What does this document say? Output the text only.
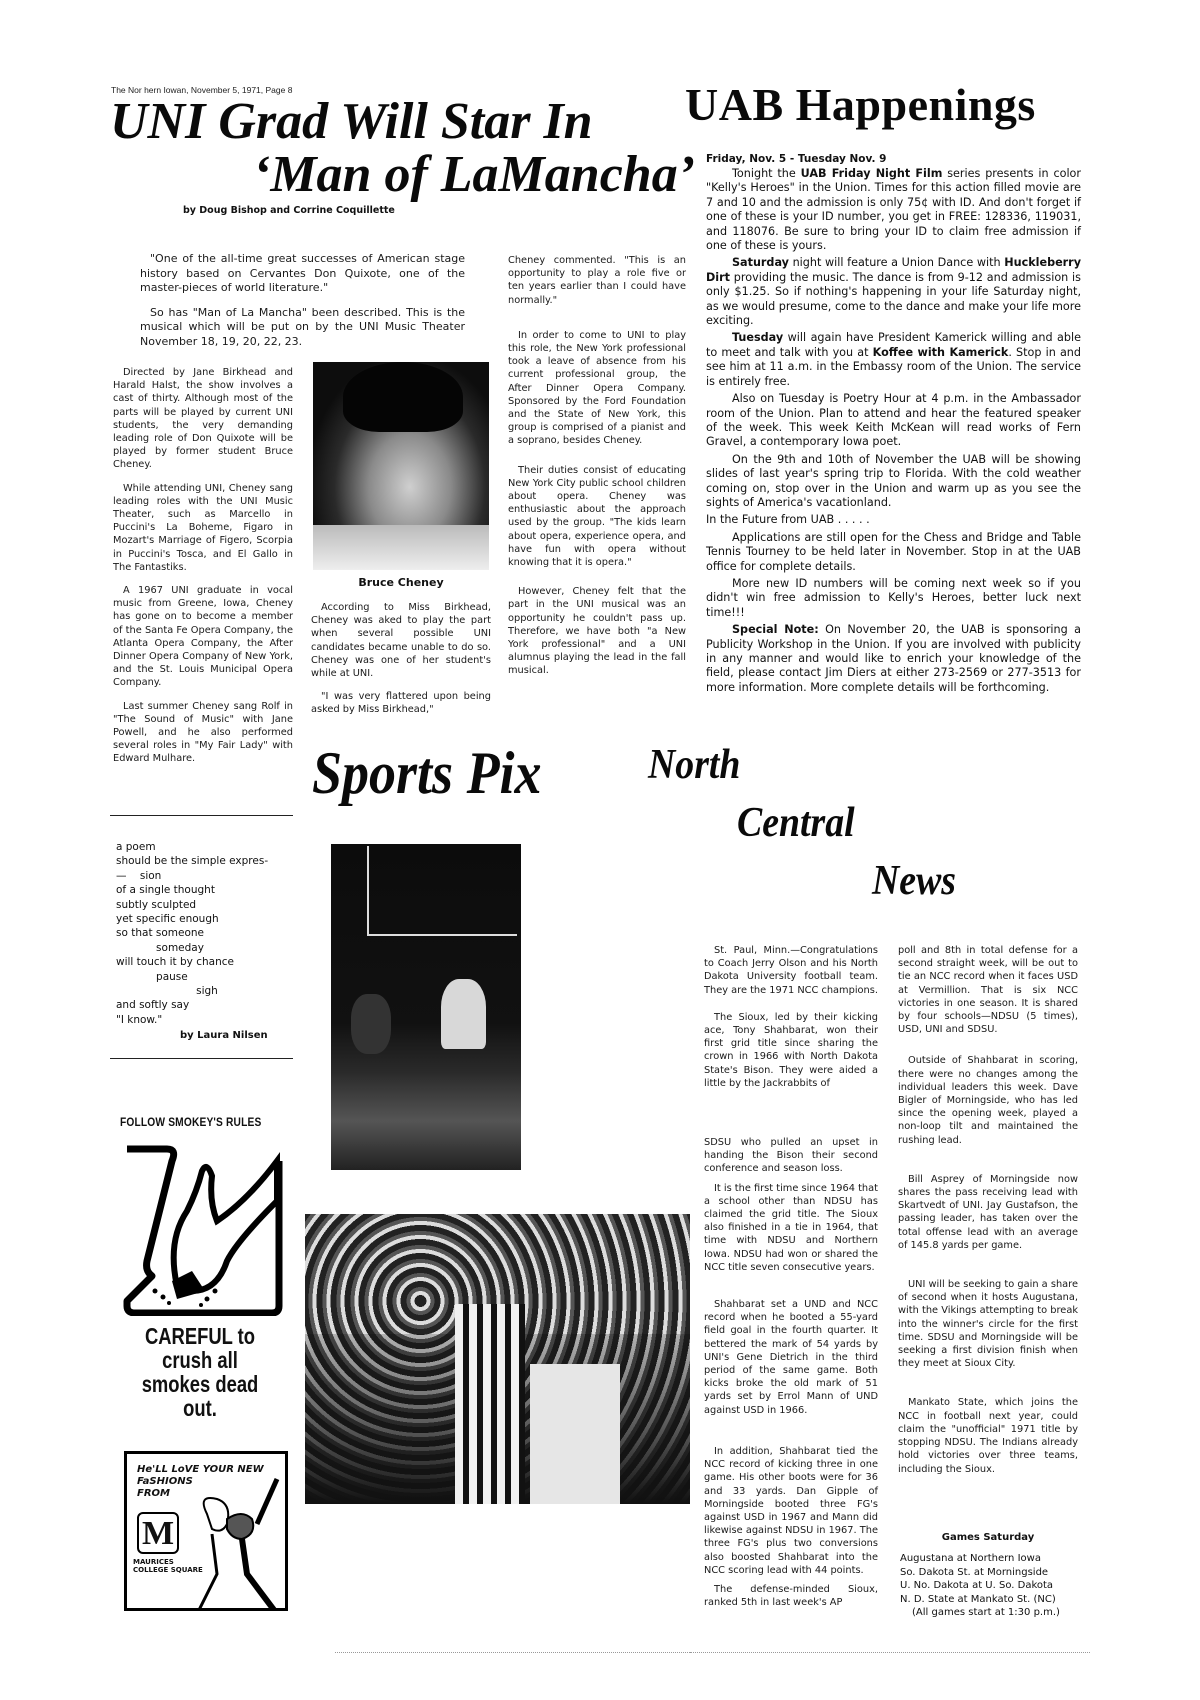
The Nor hern Iowan, November 5, 1971, Page 8
UNI Grad Will Star In
‘Man of LaMancha’
by Doug Bishop and Corrine Coquillette

"One of the all-time great successes of American stage history based on Cervantes Don Quixote, one of the master-pieces of world literature."

So has "Man of La Mancha" been described. This is the musical which will be put on by the UNI Music Theater November 18, 19, 20, 22, 23.

Directed by Jane Birkhead and Harald Halst, the show involves a cast of thirty. Although most of the parts will be played by current UNI students, the very demanding leading role of Don Quixote will be played by former student Bruce Cheney.

While attending UNI, Cheney sang leading roles with the UNI Music Theater, such as Marcello in Puccini's La Boheme, Figaro in Mozart's Marriage of Figero, Scorpia in Puccini's Tosca, and El Gallo in The Fantastiks.

A 1967 UNI graduate in vocal music from Greene, Iowa, Cheney has gone on to become a member of the Santa Fe Opera Company, the Atlanta Opera Company, the After Dinner Opera Company of New York, and the St. Louis Municipal Opera Company.

Last summer Cheney sang Rolf in "The Sound of Music" with Jane Powell, and he also performed several roles in "My Fair Lady" with Edward Mulhare.

Bruce Cheney

According to Miss Birkhead, Cheney was aked to play the part when several possible UNI candidates became unable to do so. Cheney was one of her student's while at UNI.

"I was very flattered upon being asked by Miss Birkhead,"

Cheney commented. "This is an opportunity to play a role five or ten years earlier than I could have normally."

In order to come to UNI to play this role, the New York professional took a leave of absence from his current professional group, the After Dinner Opera Company. Sponsored by the Ford Foundation and the State of New York, this group is comprised of a pianist and a soprano, besides Cheney.

Their duties consist of educating New York City public school children about opera. Cheney was enthusiastic about the approach used by the group. "The kids learn about opera, experience opera, and have fun with opera without knowing that it is opera."

However, Cheney felt that the part in the UNI musical was an opportunity he couldn't pass up. Therefore, we have both "a New York professional" and a UNI alumnus playing the lead in the fall musical.

UAB Happenings
Friday, Nov. 5 - Tuesday Nov. 9

Tonight the UAB Friday Night Film series presents in color "Kelly's Heroes" in the Union. Times for this action filled movie are 7 and 10 and the admission is only 75¢ with ID. And don't forget if one of these is your ID number, you get in FREE: 128336, 119031, and 118076. Be sure to bring your ID to claim free admission if one of these is yours.

Saturday night will feature a Union Dance with Huckleberry Dirt providing the music. The dance is from 9-12 and admission is only $1.25. So if nothing's happening in your life Saturday night, as we would presume, come to the dance and make your life more exciting.

Tuesday will again have President Kamerick willing and able to meet and talk with you at Koffee with Kamerick. Stop in and see him at 11 a.m. in the Embassy room of the Union. The service is entirely free.

Also on Tuesday is Poetry Hour at 4 p.m. in the Ambassador room of the Union. Plan to attend and hear the featured speaker of the week. This week Keith McKean will read works of Fern Gravel, a contemporary Iowa poet.

On the 9th and 10th of November the UAB will be showing slides of last year's spring trip to Florida. With the cold weather coming on, stop over in the Union and warm up as you see the sights of America's vacationland.

In the Future from UAB . . . . .

Applications are still open for the Chess and Bridge and Table Tennis Tourney to be held later in November. Stop in at the UAB office for complete details.

More new ID numbers will be coming next week so if you didn't win free admission to Kelly's Heroes, better luck next time!!!

Special Note: On November 20, the UAB is sponsoring a Publicity Workshop in the Union. If you are involved with publicity in any manner and would like to enrich your knowledge of the field, please contact Jim Diers at either 273-2569 or 277-3513 for more information. More complete details will be forthcoming.

Sports Pix
a poem
should be the simple expres-
—    sion
of a single thought
subtly sculpted
yet specific enough
so that someone
someday
will touch it by chance
pause
sigh
and softly say
"I know."
by Laura Nilsen
FOLLOW SMOKEY'S RULES
CAREFUL to
crush all
smokes dead out.
He'LL LoVE YOUR NEW
FaSHIONS
FROM
M
MAURICES
COLLEGE SQUARE
North
Central
News

St. Paul, Minn.—Congratulations to Coach Jerry Olson and his North Dakota University football team. They are the 1971 NCC champions.

The Sioux, led by their kicking ace, Tony Shahbarat, won their first grid title since sharing the crown in 1966 with North Dakota State's Bison. They were aided a little by the Jackrabbits of

SDSU who pulled an upset in handing the Bison their second conference and season loss.

It is the first time since 1964 that a school other than NDSU has claimed the grid title. The Sioux also finished in a tie in 1964, that time with NDSU and Northern Iowa. NDSU had won or shared the NCC title seven consecutive years.

Shahbarat set a UND and NCC record when he booted a 55-yard field goal in the fourth quarter. It bettered the mark of 54 yards by UNI's Gene Dietrich in the third period of the same game. Both kicks broke the old mark of 51 yards set by Errol Mann of UND against USD in 1966.

In addition, Shahbarat tied the NCC record of kicking three in one game. His other boots were for 36 and 33 yards. Dan Gipple of Morningside booted three FG's against USD in 1967 and Mann did likewise against NDSU in 1967. The three FG's plus two conversions also boosted Shahbarat into the NCC scoring lead with 44 points.

The defense-minded Sioux, ranked 5th in last week's AP

poll and 8th in total defense for a second straight week, will be out to tie an NCC record when it faces USD at Vermillion. That is six NCC victories in one season. It is shared by four schools—NDSU (5 times), USD, UNI and SDSU.

Outside of Shahbarat in scoring, there were no changes among the individual leaders this week. Dave Bigler of Morningside, who has led since the opening week, played a non-loop tilt and maintained the rushing lead.

Bill Asprey of Morningside now shares the pass receiving lead with Skartvedt of UNI. Jay Gustafson, the passing leader, has taken over the total offense lead with an average of 145.8 yards per game.

UNI will be seeking to gain a share of second when it hosts Augustana, with the Vikings attempting to break into the winner's circle for the first time. SDSU and Morningside will be seeking a first division finish when they meet at Sioux City.

Mankato State, which joins the NCC in football next year, could claim the "unofficial" 1971 title by stopping NDSU. The Indians already hold victories over three teams, including the Sioux.

Games Saturday
Augustana at Northern Iowa
So. Dakota St. at Morningside
U. No. Dakota at U. So. Dakota
N. D. State at Mankato St. (NC)
(All games start at 1:30 p.m.)
